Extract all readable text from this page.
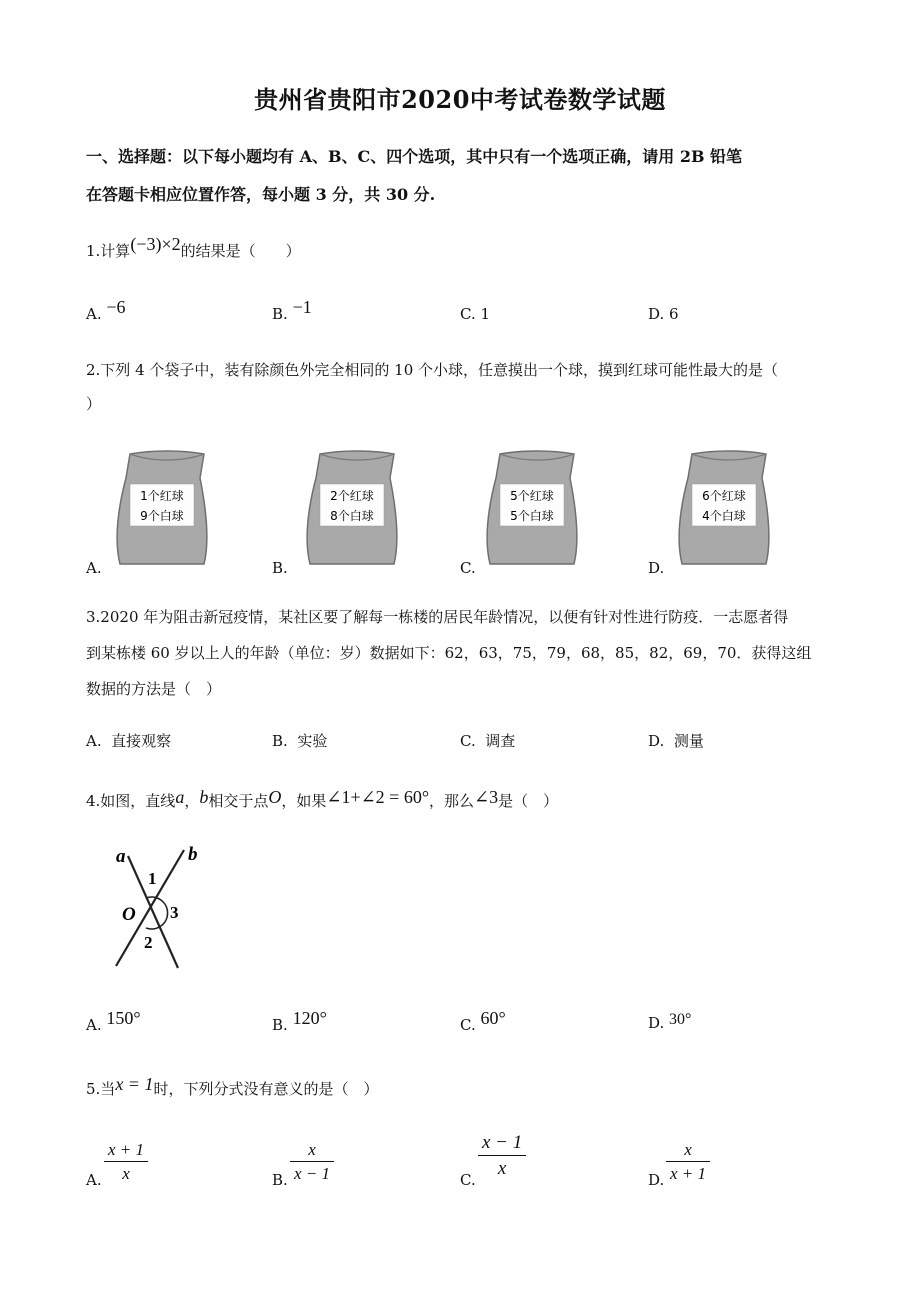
贵州省贵阳市2020中考试卷数学试题
一、选择题：以下每小题均有 A、B、C、四个选项，其中只有一个选项正确，请用 2B 铅笔
在答题卡相应位置作答，每小题 3 分，共 30 分.
1.计算(−3)×2的结果是（　　）
A. −6	B. −1	C. 1	D. 6
2.下列 4 个袋子中，装有除颜色外完全相同的 10 个小球，任意摸出一个球，摸到红球可能性最大的是（
）
1个红球
9个白球
2个红球
8个白球
5个红球
5个白球
6个红球
4个白球
A.	B.	C.	D.
3.2020 年为阻击新冠疫情，某社区要了解每一栋楼的居民年龄情况，以便有针对性进行防疫．一志愿者得
到某栋楼 60 岁以上人的年龄（单位：岁）数据如下：62，63，75，79，68，85，82，69，70．获得这组
数据的方法是（　）
A. 直接观察	B. 实验	C. 调查	D. 测量
4.如图，直线a，b相交于点O，如果∠1+∠2 = 60°，那么∠3是（　）
a	b
1
O 3
2
A. 150°	B. 120°	C. 60°	D. 30°
5.当x = 1时，下列分式没有意义的是（　）
A.
x + 1
x	B.
x
x − 1	C.
x − 1
x
D.
x
x + 1
